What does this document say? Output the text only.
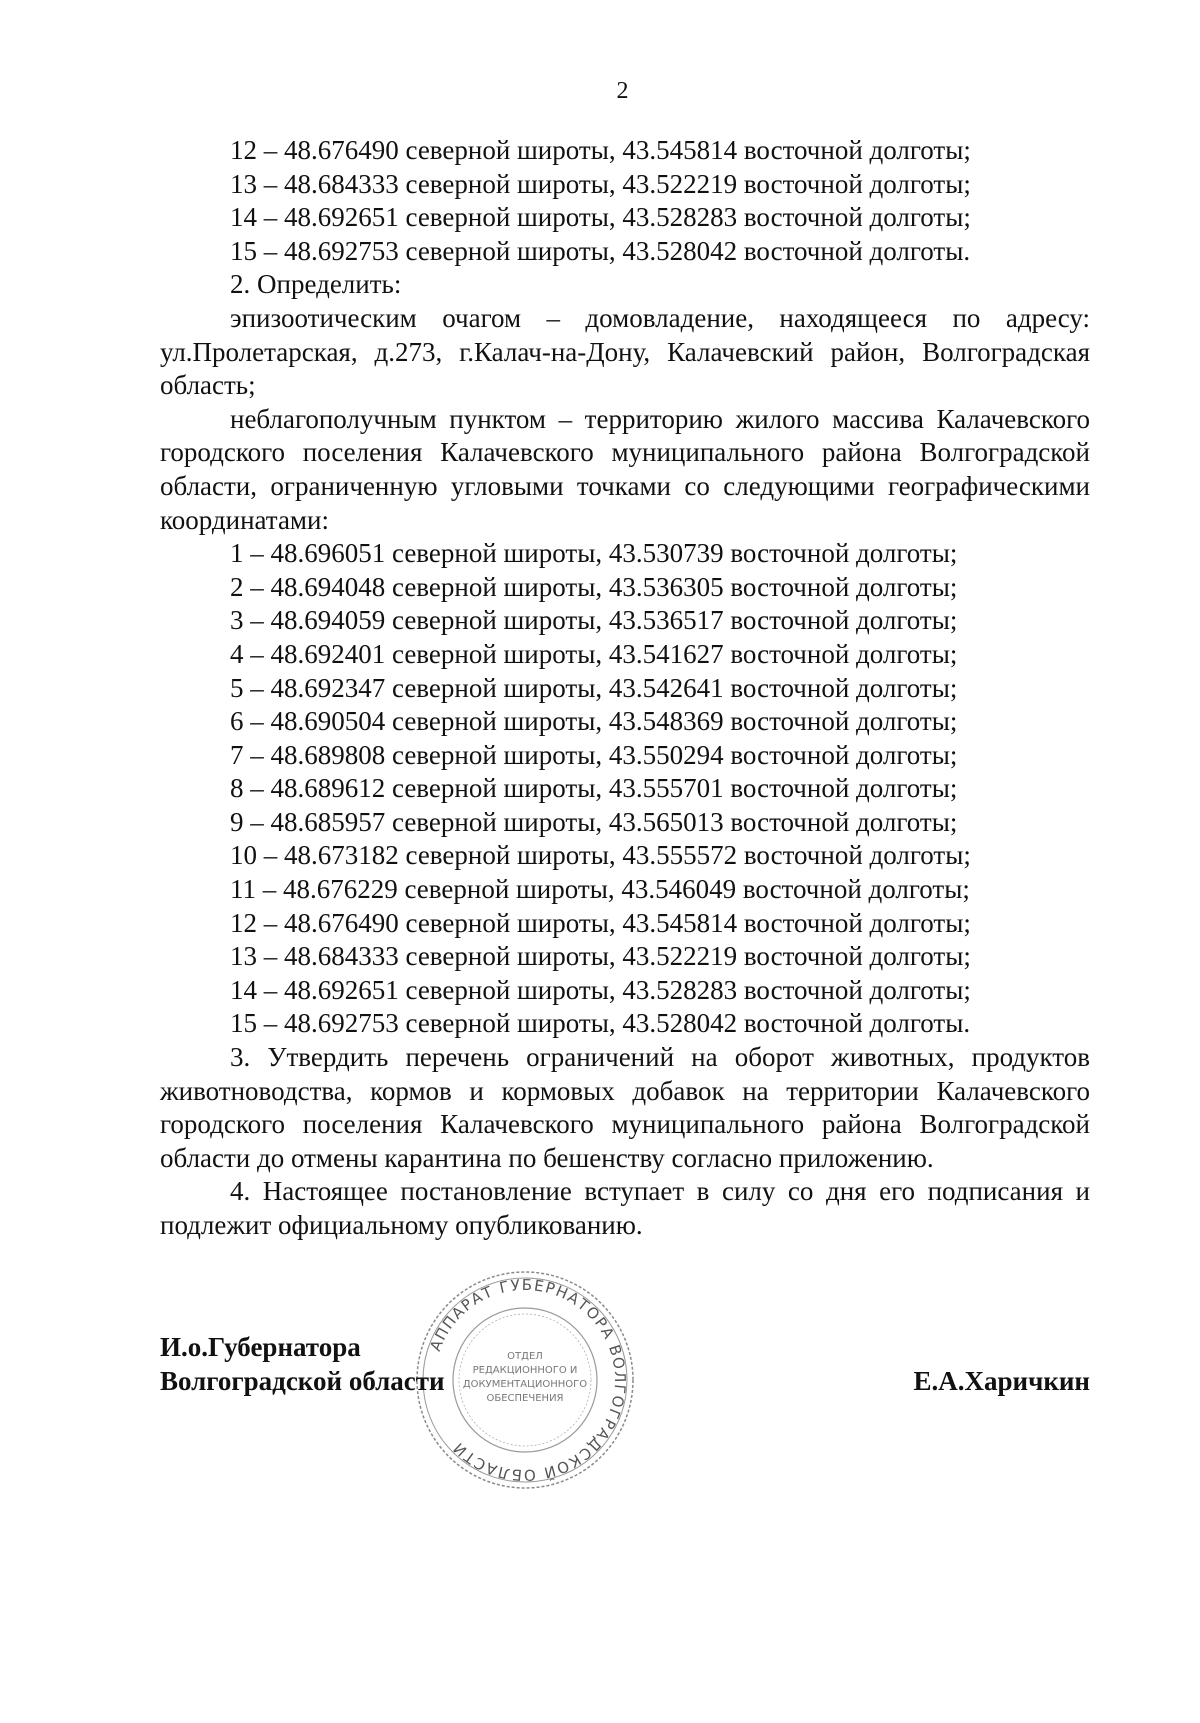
2

12 – 48.676490 северной широты, 43.545814 восточной долготы;

13 – 48.684333 северной широты, 43.522219 восточной долготы;

14 – 48.692651 северной широты, 43.528283 восточной долготы;

15 – 48.692753 северной широты, 43.528042 восточной долготы.

2. Определить:

эпизоотическим очагом – домовладение, находящееся по адресу: ул.Пролетарская, д.273, г.Калач-на-Дону, Калачевский район, Волгоградская область;

неблагополучным пунктом – территорию жилого массива Калачевского городского поселения Калачевского муниципального района Волгоградской области, ограниченную угловыми точками со следующими географическими координатами:

1 – 48.696051 северной широты, 43.530739 восточной долготы;

2 – 48.694048 северной широты, 43.536305 восточной долготы;

3 – 48.694059 северной широты, 43.536517 восточной долготы;

4 – 48.692401 северной широты, 43.541627 восточной долготы;

5 – 48.692347 северной широты, 43.542641 восточной долготы;

6 – 48.690504 северной широты, 43.548369 восточной долготы;

7 – 48.689808 северной широты, 43.550294 восточной долготы;

8 – 48.689612 северной широты, 43.555701 восточной долготы;

9 – 48.685957 северной широты, 43.565013 восточной долготы;

10 – 48.673182 северной широты, 43.555572 восточной долготы;

11 – 48.676229 северной широты, 43.546049 восточной долготы;

12 – 48.676490 северной широты, 43.545814 восточной долготы;

13 – 48.684333 северной широты, 43.522219 восточной долготы;

14 – 48.692651 северной широты, 43.528283 восточной долготы;

15 – 48.692753 северной широты, 43.528042 восточной долготы.

3. Утвердить перечень ограничений на оборот животных, продуктов животноводства, кормов и кормовых добавок на территории Калачевского городского поселения Калачевского муниципального района Волгоградской области до отмены карантина по бешенству согласно приложению.

4. Настоящее постановление вступает в силу со дня его подписания и подлежит официальному опубликованию.

АППАРАТ ГУБЕРНАТОРА ВОЛГОГРАДСКОЙ ОБЛАСТИ
ОТДЕЛ
РЕДАКЦИОННОГО И
ДОКУМЕНТАЦИОННОГО
ОБЕСПЕЧЕНИЯ
И.о.Губернатора
Волгоградской области	Е.А.Харичкин
